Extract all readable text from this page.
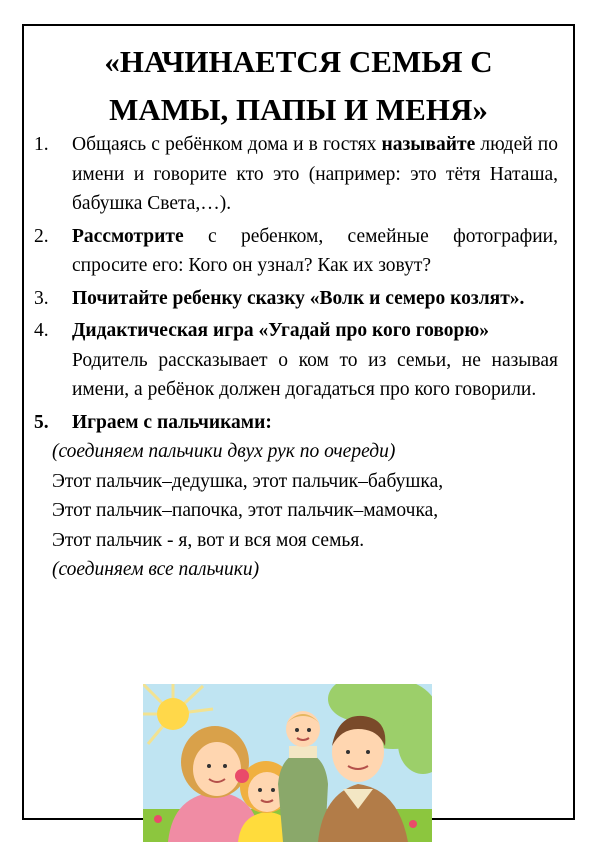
«НАЧИНАЕТСЯ СЕМЬЯ С
МАМЫ, ПАПЫ И МЕНЯ»
1.	Общаясь с ребёнком дома и в гостях называйте людей по имени и говорите кто это (например: это тётя Наташа, бабушка Света,…).
2.	Рассмотрите с ребенком, семейные фотографии, спросите его: Кого он узнал? Как их зовут?
3.	Почитайте ребенку сказку «Волк и семеро козлят».
4.	Дидактическая игра «Угадай про кого говорю»
Родитель рассказывает о ком то из семьи, не называя имени, а ребёнок должен догадаться про кого говорили.
5.	Играем с пальчиками:
(соединяем пальчики двух рук по очереди)
Этот пальчик–дедушка, этот пальчик–бабушка,
Этот пальчик–папочка, этот пальчик–мамочка,
Этот пальчик - я, вот и вся моя семья.
(соединяем все пальчики)
